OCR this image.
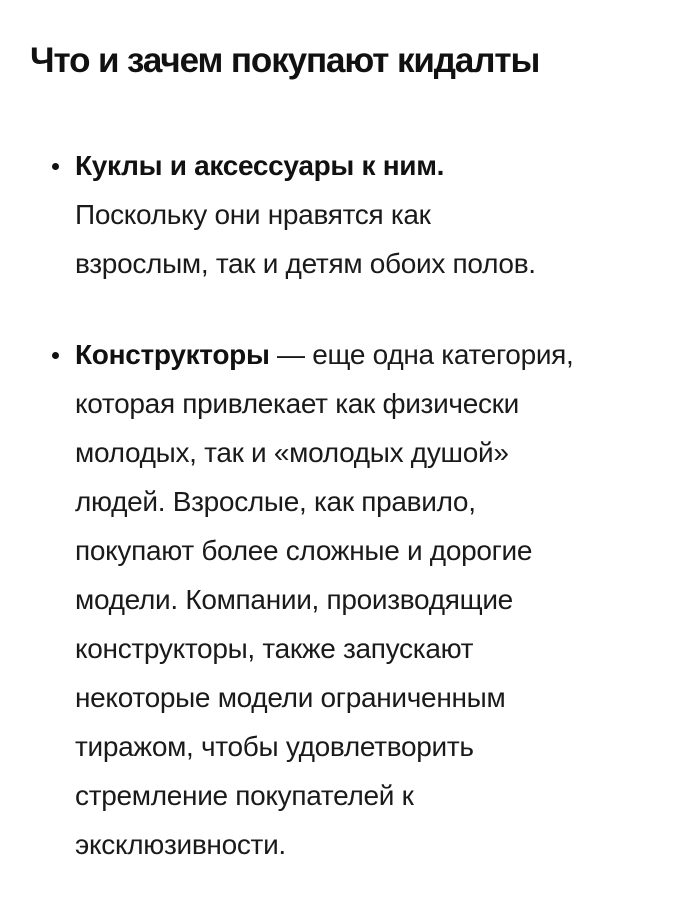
Что и зачем покупают кидалты
Куклы и аксессуары к ним.
Поскольку они нравятся как
взрослым, так и детям обоих полов.
Конструкторы — еще одна категория,
которая привлекает как физически
молодых, так и «молодых душой»
людей. Взрослые, как правило,
покупают более сложные и дорогие
модели. Компании, производящие
конструкторы, также запускают
некоторые модели ограниченным
тиражом, чтобы удовлетворить
стремление покупателей к
эксклюзивности.
